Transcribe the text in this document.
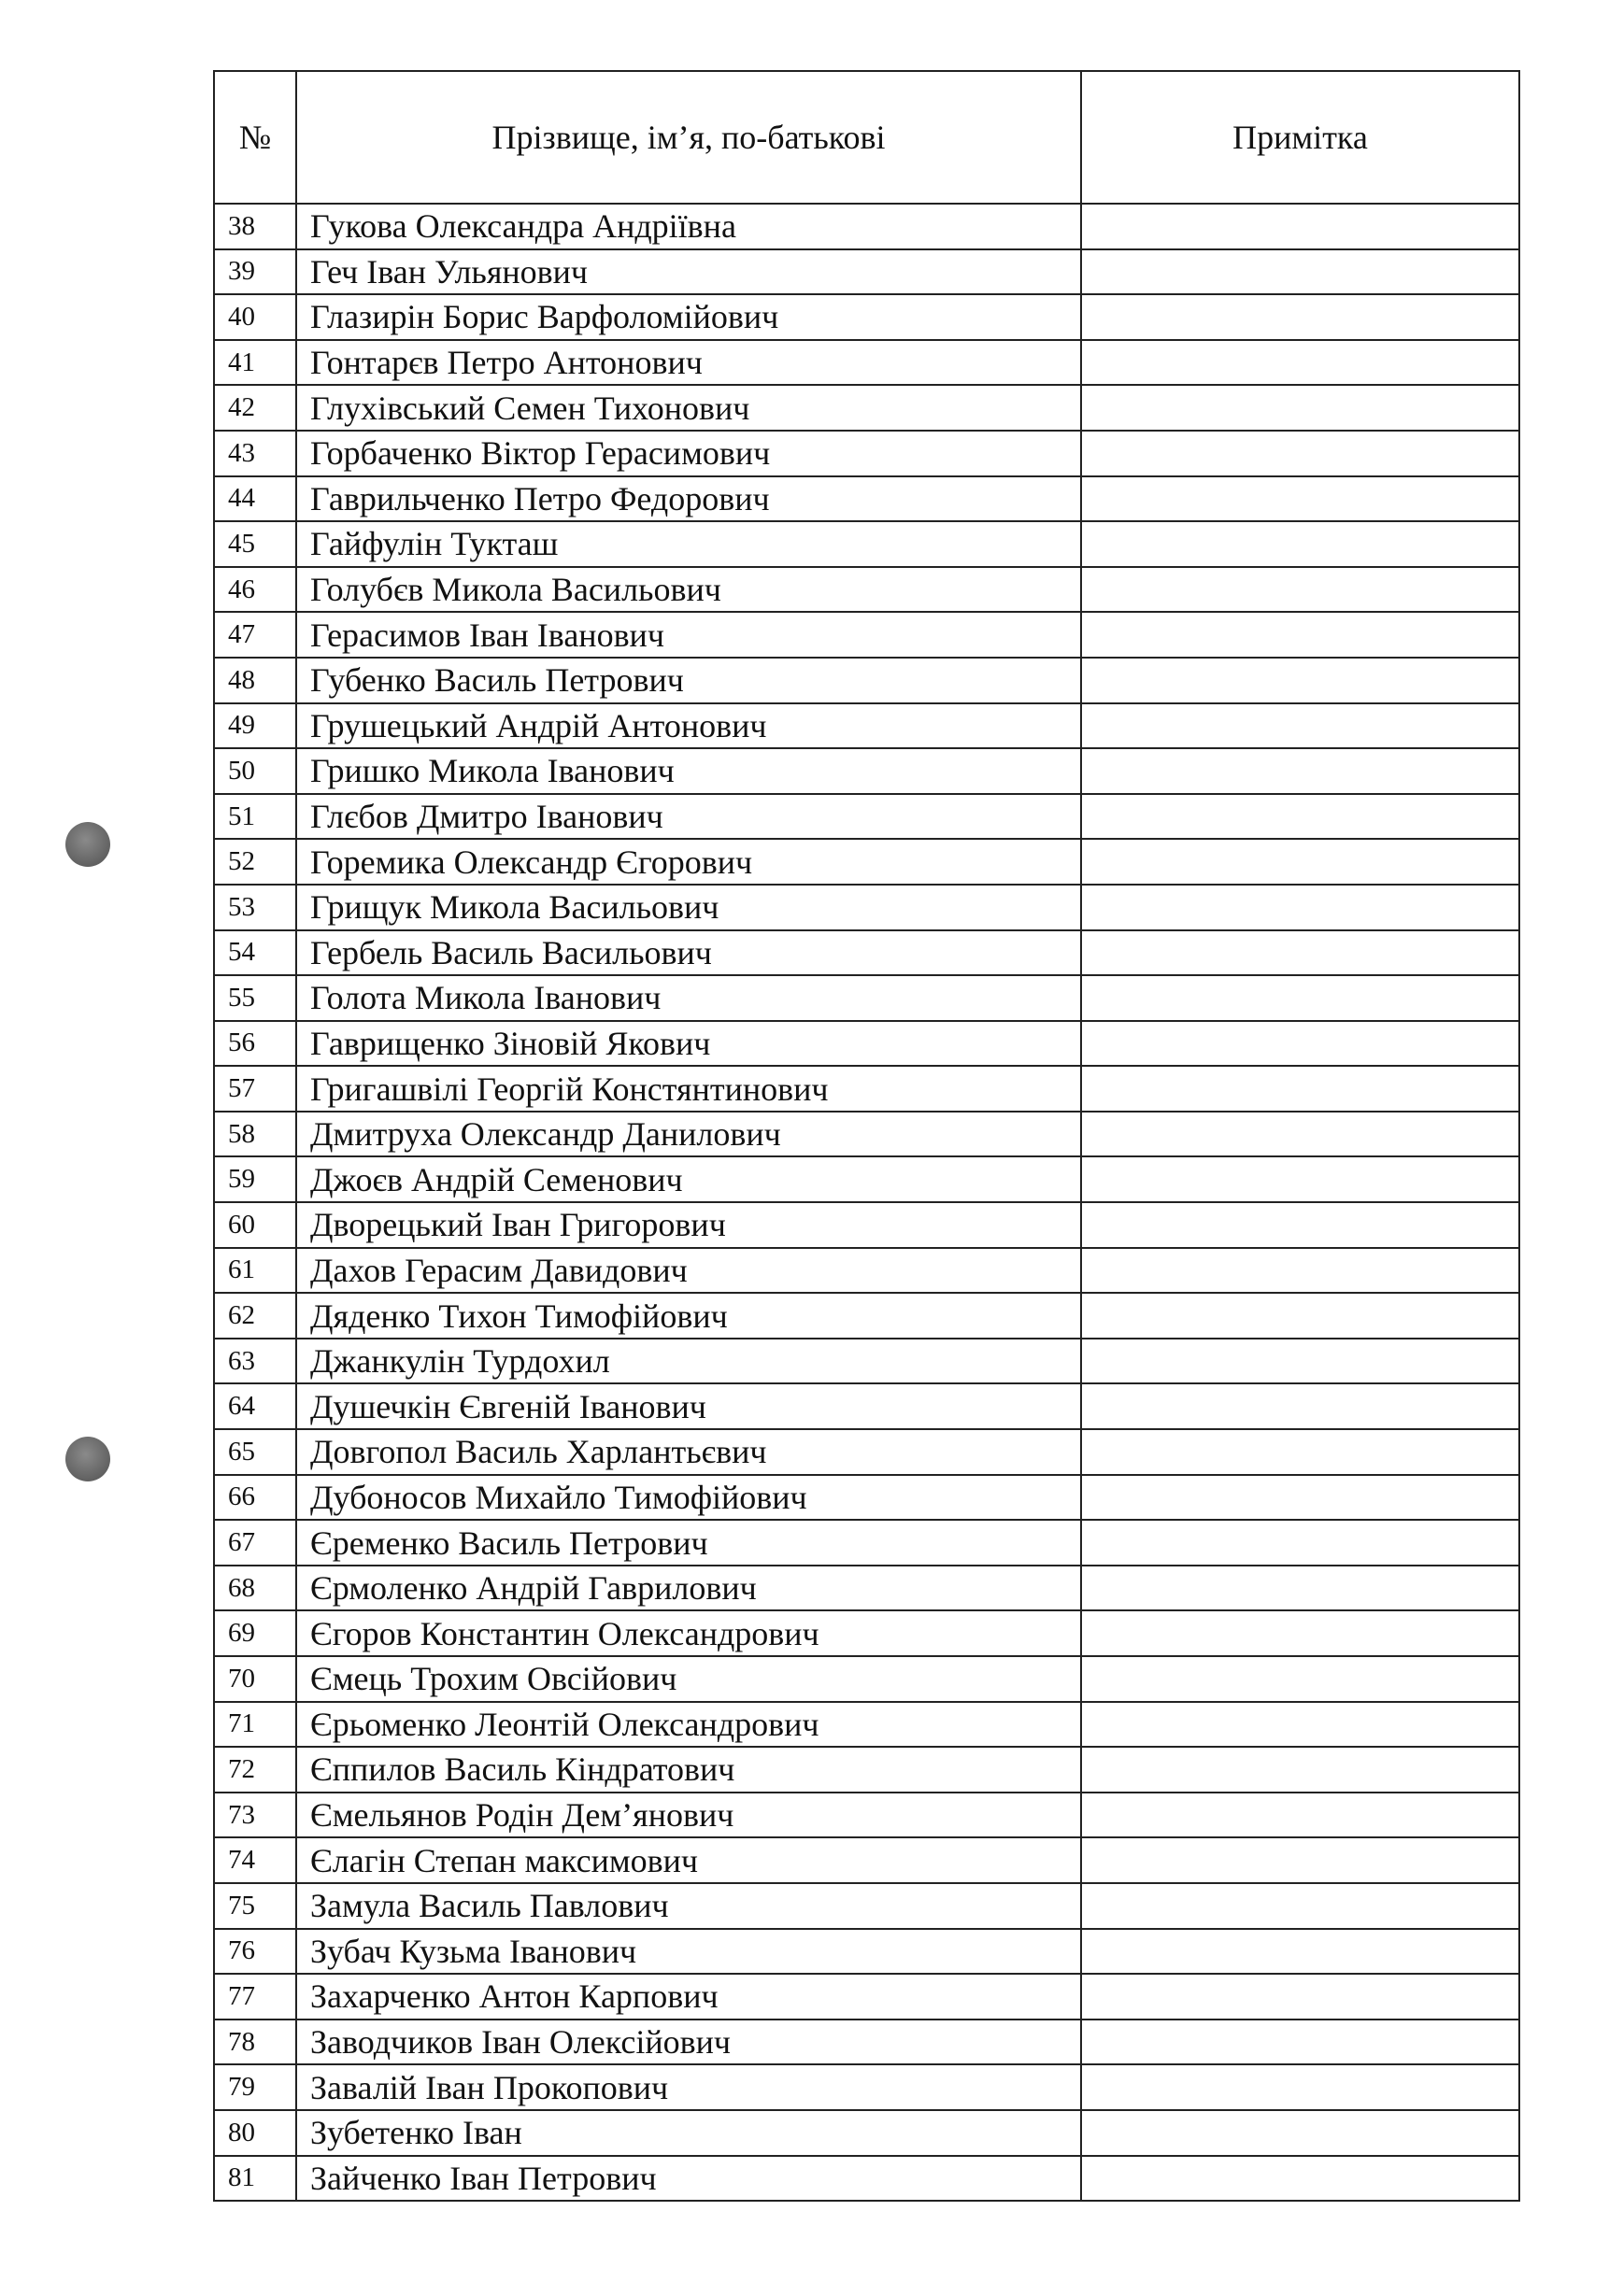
№	Прізвище, ім’я, по-батькові	Примітка
38	Гукова Олександра Андріївна	
39	Геч Іван Ульянович	
40	Глазирін Борис Варфоломійович	
41	Гонтарєв Петро Антонович	
42	Глухівський Семен Тихонович	
43	Горбаченко Віктор Герасимович	
44	Гаврильченко Петро Федорович	
45	Гайфулін Тукташ	
46	Голубєв Микола Васильович	
47	Герасимов Іван Іванович	
48	Губенко Василь Петрович	
49	Грушецький Андрій Антонович	
50	Гришко Микола Іванович	
51	Глєбов Дмитро Іванович	
52	Горемика Олександр Єгорович	
53	Грищук Микола Васильович	
54	Гербель Василь Васильович	
55	Голота Микола Іванович	
56	Гаврищенко Зіновій Якович	
57	Григашвілі Георгій Констянтинович	
58	Дмитруха Олександр Данилович	
59	Джоєв Андрій Семенович	
60	Дворецький Іван Григорович	
61	Дахов Герасим Давидович	
62	Дяденко Тихон Тимофійович	
63	Джанкулін Турдохил	
64	Душечкін Євгеній Іванович	
65	Довгопол Василь Харлантьєвич	
66	Дубоносов Михайло Тимофійович	
67	Єременко Василь Петрович	
68	Єрмоленко Андрій Гаврилович	
69	Єгоров Константин Олександрович	
70	Ємець Трохим Овсійович	
71	Єрьоменко Леонтій Олександрович	
72	Єппилов Василь Кіндратович	
73	Ємельянов Родін Дем’янович	
74	Єлагін Степан максимович	
75	Замула Василь Павлович	
76	Зубач Кузьма Іванович	
77	Захарченко Антон Карпович	
78	Заводчиков Іван Олексійович	
79	Завалій Іван Прокопович	
80	Зубетенко Іван	
81	Зайченко Іван Петрович	
